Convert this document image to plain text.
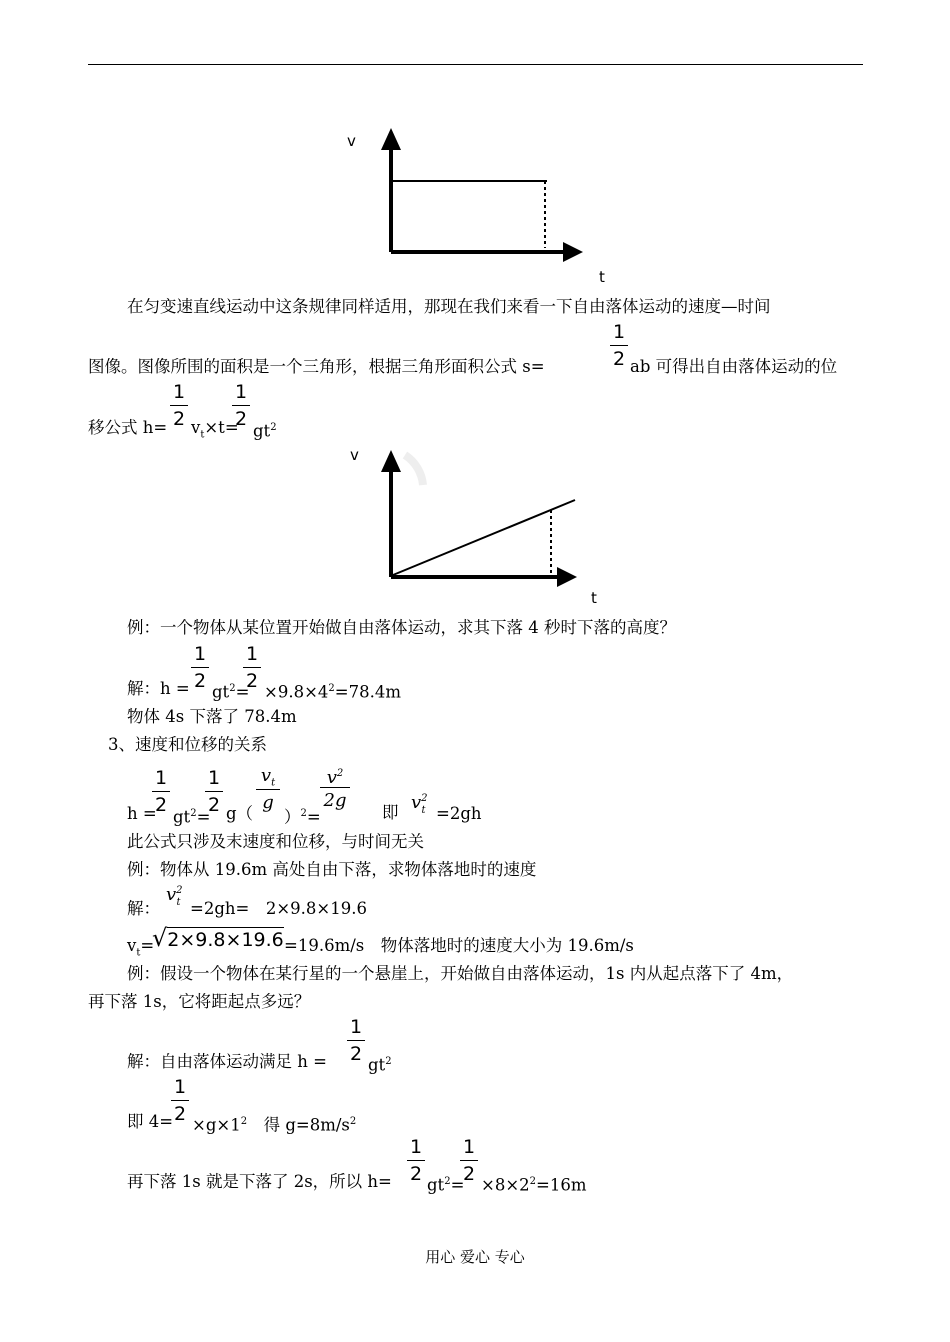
v
t
在匀变速直线运动中这条规律同样适用，那现在我们来看一下自由落体运动的速度—时间
图像。图像所围的面积是一个三角形，根据三角形面积公式 s=
1
2 ab 可得出自由落体运动的位
移公式 h=
1
2 $v_t\times t=$
1
2
$gt^2$
v
t
例：一个物体从某位置开始做自由落体运动，求其下落 4 秒时下落的高度？
解：h =
1
2 $gt^2=$
1
$2 \times 9.8\times 4^2=78.4m$
物体 4s 下落了 78.4m
3、速度和位移的关系
h =
1
2
$gt^2=$
1
2 g（
$v_t$
g
）$^2$=
$v^2$
2g
即 $v^2_t =2gh$
此公式只涉及末速度和位移，与时间无关
例：物体从 19.6m 高处自由下落，求物体落地时的速度
解：
$v^2_t =2gh=$　2×9.8×19.6
$v_t=$
√2×9.8×19.6 =19.6m/s　物体落地时的速度大小为 19.6m/s
例：假设一个物体在某行星的一个悬崖上，开始做自由落体运动，1s 内从起点落下了 4m，
再下落 1s，它将距起点多远？
解：自由落体运动满足 h =
1
2 $gt^2$
即 4=
1
$2 \times g\times 1^2$　得 $g=8m/s^2$
再下落 1s 就是下落了 2s，所以 h=
1
2 $gt^2=$
1
$2 \times 8\times 2^2=16m$
用心 爱心 专心
